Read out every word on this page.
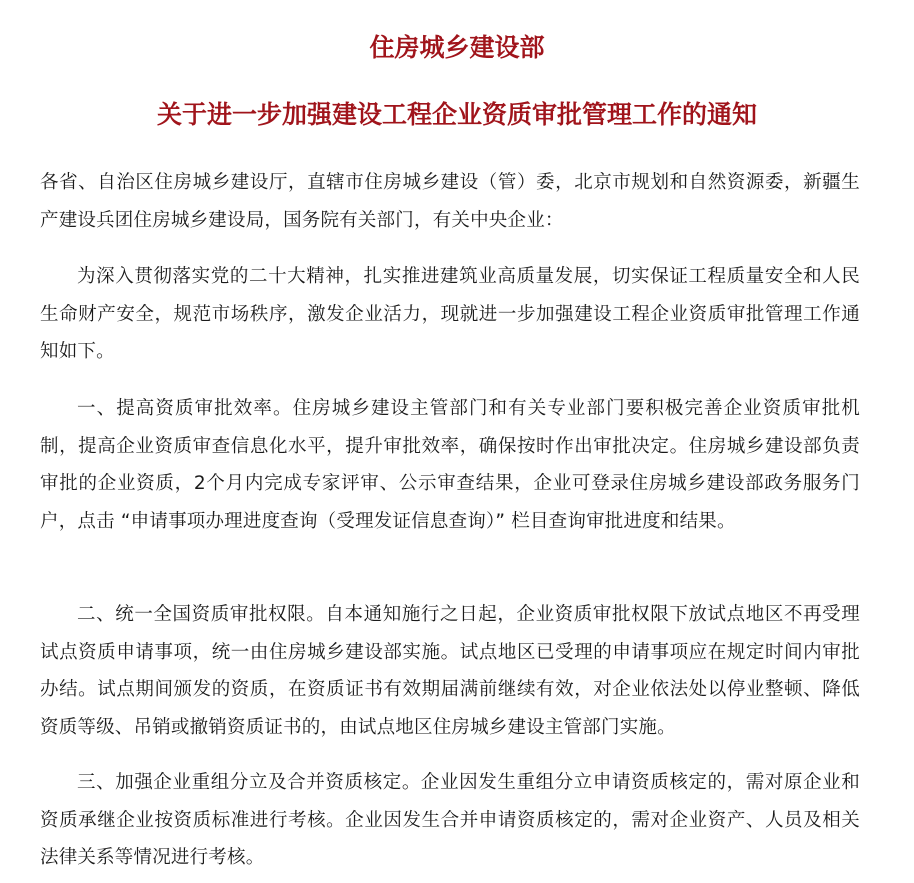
住房城乡建设部
关于进一步加强建设工程企业资质审批管理工作的通知

各省、自治区住房城乡建设厅，直辖市住房城乡建设（管）委，北京市规划和自然资源委，新疆生产建设兵团住房城乡建设局，国务院有关部门，有关中央企业：

为深入贯彻落实党的二十大精神，扎实推进建筑业高质量发展，切实保证工程质量安全和人民生命财产安全，规范市场秩序，激发企业活力，现就进一步加强建设工程企业资质审批管理工作通知如下。

一、提高资质审批效率。住房城乡建设主管部门和有关专业部门要积极完善企业资质审批机制，提高企业资质审查信息化水平，提升审批效率，确保按时作出审批决定。住房城乡建设部负责审批的企业资质，2个月内完成专家评审、公示审查结果，企业可登录住房城乡建设部政务服务门户，点击 “申请事项办理进度查询（受理发证信息查询）” 栏目查询审批进度和结果。

二、统一全国资质审批权限。自本通知施行之日起，企业资质审批权限下放试点地区不再受理试点资质申请事项，统一由住房城乡建设部实施。试点地区已受理的申请事项应在规定时间内审批办结。试点期间颁发的资质，在资质证书有效期届满前继续有效，对企业依法处以停业整顿、降低资质等级、吊销或撤销资质证书的，由试点地区住房城乡建设主管部门实施。

三、加强企业重组分立及合并资质核定。企业因发生重组分立申请资质核定的，需对原企业和资质承继企业按资质标准进行考核。企业因发生合并申请资质核定的，需对企业资产、人员及相关法律关系等情况进行考核。
